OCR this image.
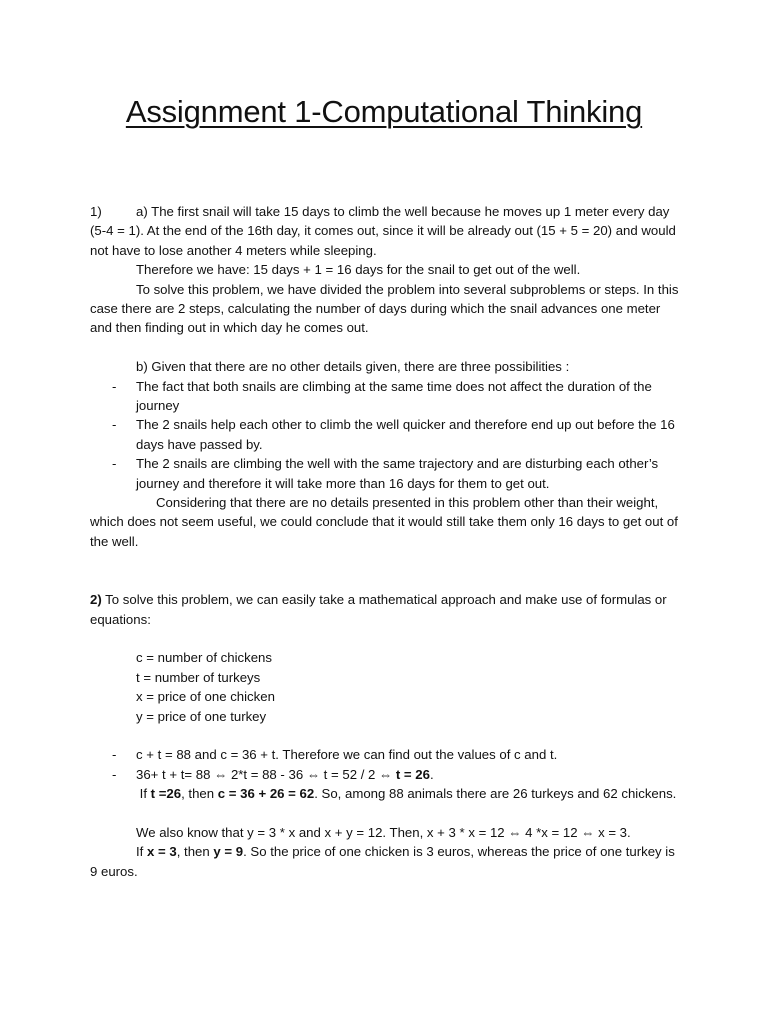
Assignment 1-Computational Thinking

1)	a) The first snail will take 15 days to climb the well because he moves up 1 meter every day (5-4 = 1). At the end of the 16th day, it comes out, since it will be already out (15 + 5 = 20) and would not have to lose another 4 meters while sleeping.

Therefore we have: 15 days + 1 = 16 days for the snail to get out of the well.

To solve this problem, we have divided the problem into several subproblems or steps. In this case there are 2 steps, calculating the number of days during which the snail advances one meter and then finding out in which day he comes out.

b) Given that there are no other details given, there are three possibilities :

- The fact that both snails are climbing at the same time does not affect the duration of the journey
- The 2 snails help each other to climb the well quicker and therefore end up out before the 16 days have passed by.
- The 2 snails are climbing the well with the same trajectory and are disturbing each other’s journey and therefore it will take more than 16 days for them to get out.

Considering that there are no details presented in this problem other than their weight, which does not seem useful, we could conclude that it would still take them only 16 days to get out of the well.

2) To solve this problem, we can easily take a mathematical approach and make use of formulas or equations:

c = number of chickens

t = number of turkeys

x = price of one chicken

y = price of one turkey

- c + t = 88 and c = 36 + t. Therefore we can find out the values of c and t.
- 36+ t + t= 88 ⇔ 2*t = 88 - 36 ⇔ t = 52 / 2 ⇔ t = 26.

If t =26, then c = 36 + 26 = 62. So, among 88 animals there are 26 turkeys and 62 chickens.

We also know that y = 3 * x and x + y = 12. Then, x + 3 * x = 12 ⇔ 4 *x = 12 ⇔ x = 3.

If x = 3, then y = 9. So the price of one chicken is 3 euros, whereas the price of one turkey is 9 euros.
